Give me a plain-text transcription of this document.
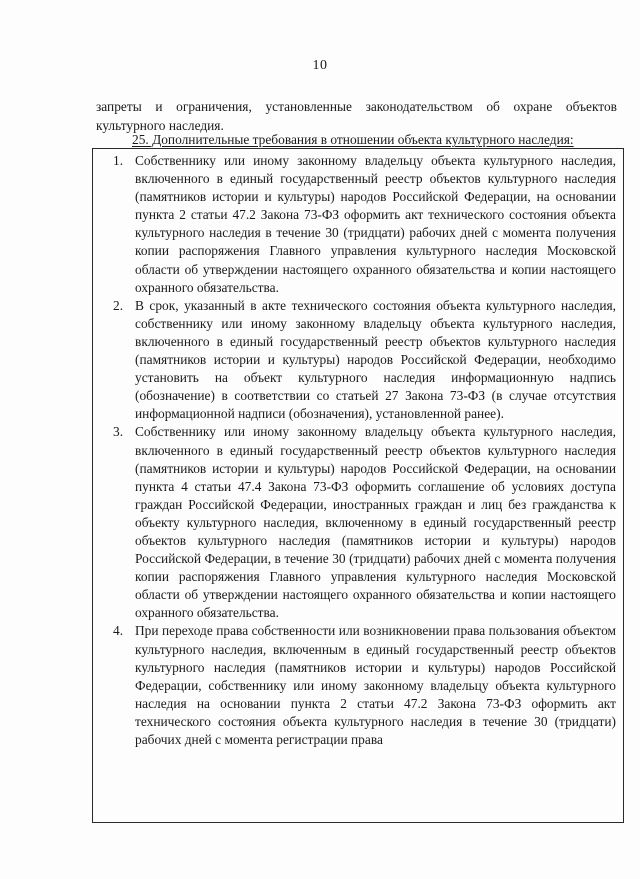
10
запреты и ограничения, установленные законодательством об охране объектов культурного наследия.
25. Дополнительные требования в отношении объекта культурного наследия:
1. Собственнику или иному законному владельцу объекта культурного наследия, включенного в единый государственный реестр объектов культурного наследия (памятников истории и культуры) народов Российской Федерации, на основании пункта 2 статьи 47.2 Закона 73-ФЗ оформить акт технического состояния объекта культурного наследия в течение 30 (тридцати) рабочих дней с момента получения копии распоряжения Главного управления культурного наследия Московской области об утверждении настоящего охранного обязательства и копии настоящего охранного обязательства.
2. В срок, указанный в акте технического состояния объекта культурного наследия, собственнику или иному законному владельцу объекта культурного наследия, включенного в единый государственный реестр объектов культурного наследия (памятников истории и культуры) народов Российской Федерации, необходимо установить на объект культурного наследия информационную надпись (обозначение) в соответствии со статьей 27 Закона 73-ФЗ (в случае отсутствия информационной надписи (обозначения), установленной ранее).
3. Собственнику или иному законному владельцу объекта культурного наследия, включенного в единый государственный реестр объектов культурного наследия (памятников истории и культуры) народов Российской Федерации, на основании пункта 4 статьи 47.4 Закона 73-ФЗ оформить соглашение об условиях доступа граждан Российской Федерации, иностранных граждан и лиц без гражданства к объекту культурного наследия, включенному в единый государственный реестр объектов культурного наследия (памятников истории и культуры) народов Российской Федерации, в течение 30 (тридцати) рабочих дней с момента получения копии распоряжения Главного управления культурного наследия Московской области об утверждении настоящего охранного обязательства и копии настоящего охранного обязательства.
4. При переходе права собственности или возникновении права пользования объектом культурного наследия, включенным в единый государственный реестр объектов культурного наследия (памятников истории и культуры) народов Российской Федерации, собственнику или иному законному владельцу объекта культурного наследия на основании пункта 2 статьи 47.2 Закона 73-ФЗ оформить акт технического состояния объекта культурного наследия в течение 30 (тридцати) рабочих дней с момента регистрации права
